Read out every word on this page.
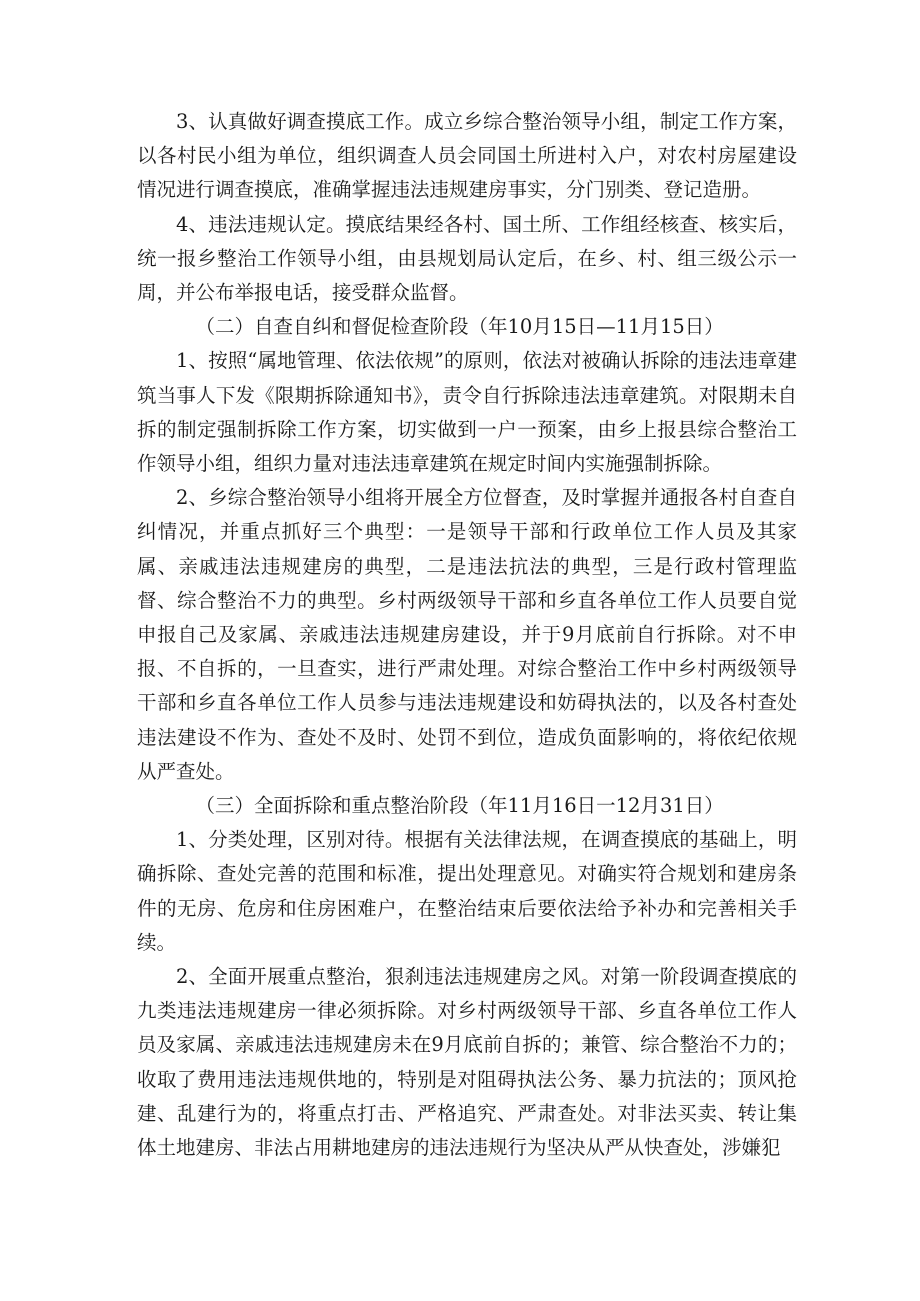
3、认真做好调查摸底工作。成立乡综合整治领导小组，制定工作方案，以各村民小组为单位，组织调查人员会同国土所进村入户，对农村房屋建设情况进行调查摸底，准确掌握违法违规建房事实，分门别类、登记造册。

4、违法违规认定。摸底结果经各村、国土所、工作组经核查、核实后，统一报乡整治工作领导小组，由县规划局认定后，在乡、村、组三级公示一周，并公布举报电话，接受群众监督。

（二）自查自纠和督促检查阶段（年10月15日—11月15日）

1、按照“属地管理、依法依规”的原则，依法对被确认拆除的违法违章建筑当事人下发《限期拆除通知书》，责令自行拆除违法违章建筑。对限期未自拆的制定强制拆除工作方案，切实做到一户一预案，由乡上报县综合整治工作领导小组，组织力量对违法违章建筑在规定时间内实施强制拆除。

2、乡综合整治领导小组将开展全方位督查，及时掌握并通报各村自查自纠情况，并重点抓好三个典型：一是领导干部和行政单位工作人员及其家属、亲戚违法违规建房的典型，二是违法抗法的典型，三是行政村管理监督、综合整治不力的典型。乡村两级领导干部和乡直各单位工作人员要自觉申报自己及家属、亲戚违法违规建房建设，并于9月底前自行拆除。对不申报、不自拆的，一旦查实，进行严肃处理。对综合整治工作中乡村两级领导干部和乡直各单位工作人员参与违法违规建设和妨碍执法的，以及各村查处违法建设不作为、查处不及时、处罚不到位，造成负面影响的，将依纪依规从严查处。

（三）全面拆除和重点整治阶段（年11月16日一12月31日）

1、分类处理，区别对待。根据有关法律法规，在调查摸底的基础上，明确拆除、查处完善的范围和标准，提出处理意见。对确实符合规划和建房条件的无房、危房和住房困难户，在整治结束后要依法给予补办和完善相关手续。

2、全面开展重点整治，狠刹违法违规建房之风。对第一阶段调查摸底的九类违法违规建房一律必须拆除。对乡村两级领导干部、乡直各单位工作人员及家属、亲戚违法违规建房未在9月底前自拆的；兼管、综合整治不力的；收取了费用违法违规供地的，特别是对阻碍执法公务、暴力抗法的；顶风抢建、乱建行为的，将重点打击、严格追究、严肃查处。对非法买卖、转让集体土地建房、非法占用耕地建房的违法违规行为坚决从严从快查处，涉嫌犯
